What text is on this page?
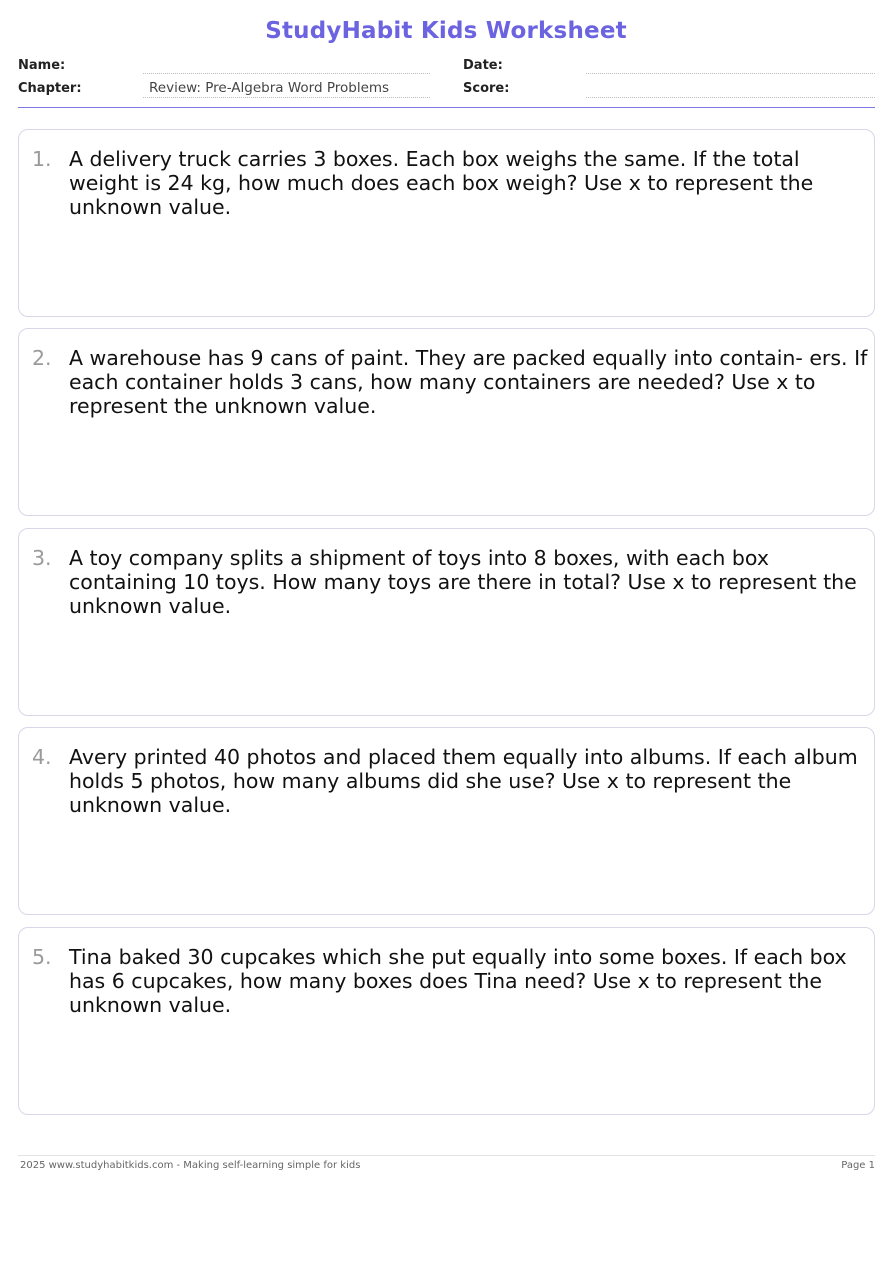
StudyHabit Kids Worksheet
Name:	Date:
Chapter:	Review: Pre-Algebra Word Problems	Score:
1. A delivery truck carries 3 boxes. Each box weighs the same. If the total weight is 24 kg, how much does each box weigh? Use x to represent the unknown value.
2. A warehouse has 9 cans of paint. They are packed equally into contain- ers. If each container holds 3 cans, how many containers are needed? Use x to represent the unknown value.
3. A toy company splits a shipment of toys into 8 boxes, with each box containing 10 toys. How many toys are there in total? Use x to represent the unknown value.
4. Avery printed 40 photos and placed them equally into albums. If each album holds 5 photos, how many albums did she use? Use x to represent the unknown value.
5. Tina baked 30 cupcakes which she put equally into some boxes. If each box has 6 cupcakes, how many boxes does Tina need? Use x to represent the unknown value.
2025 www.studyhabitkids.com - Making self-learning simple for kids	Page 1
